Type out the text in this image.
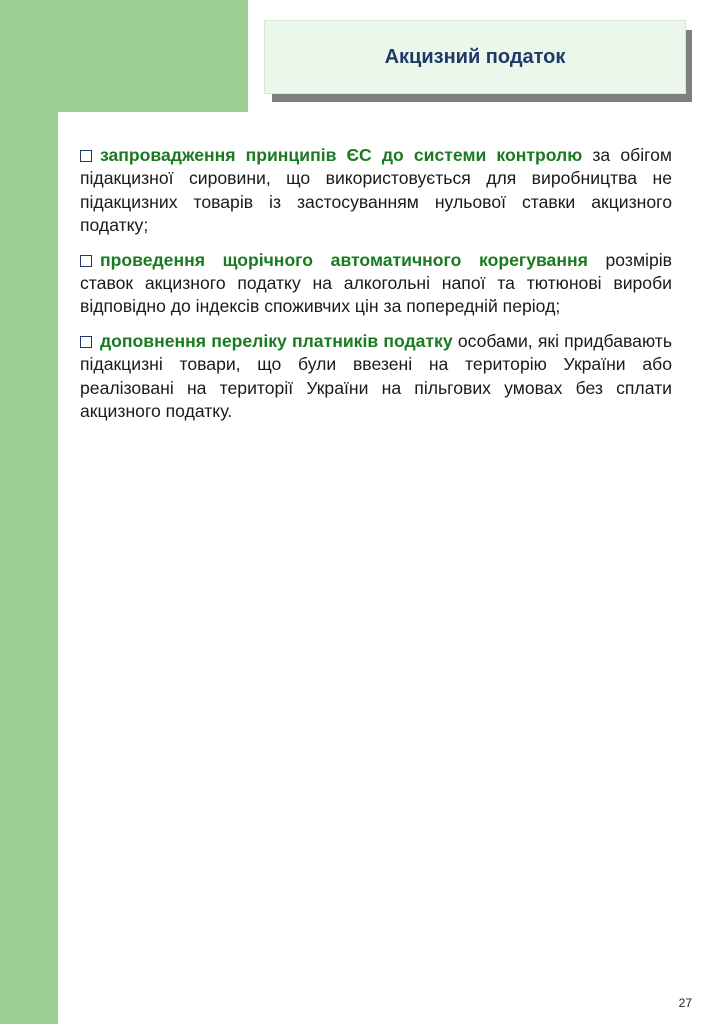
Акцизний податок

запровадження принципів ЄС до системи контролю за обігом підакцизної сировини, що використовується для виробництва не підакцизних товарів із застосуванням нульової ставки акцизного податку;

проведення щорічного автоматичного корегування розмірів ставок акцизного податку на алкогольні напої та тютюнові вироби відповідно до індексів споживчих цін за попередній період;

доповнення переліку платників податку особами, які придбавають підакцизні товари, що були ввезені на територію України або реалізовані на території України на пільгових умовах без сплати акцизного податку.

27
